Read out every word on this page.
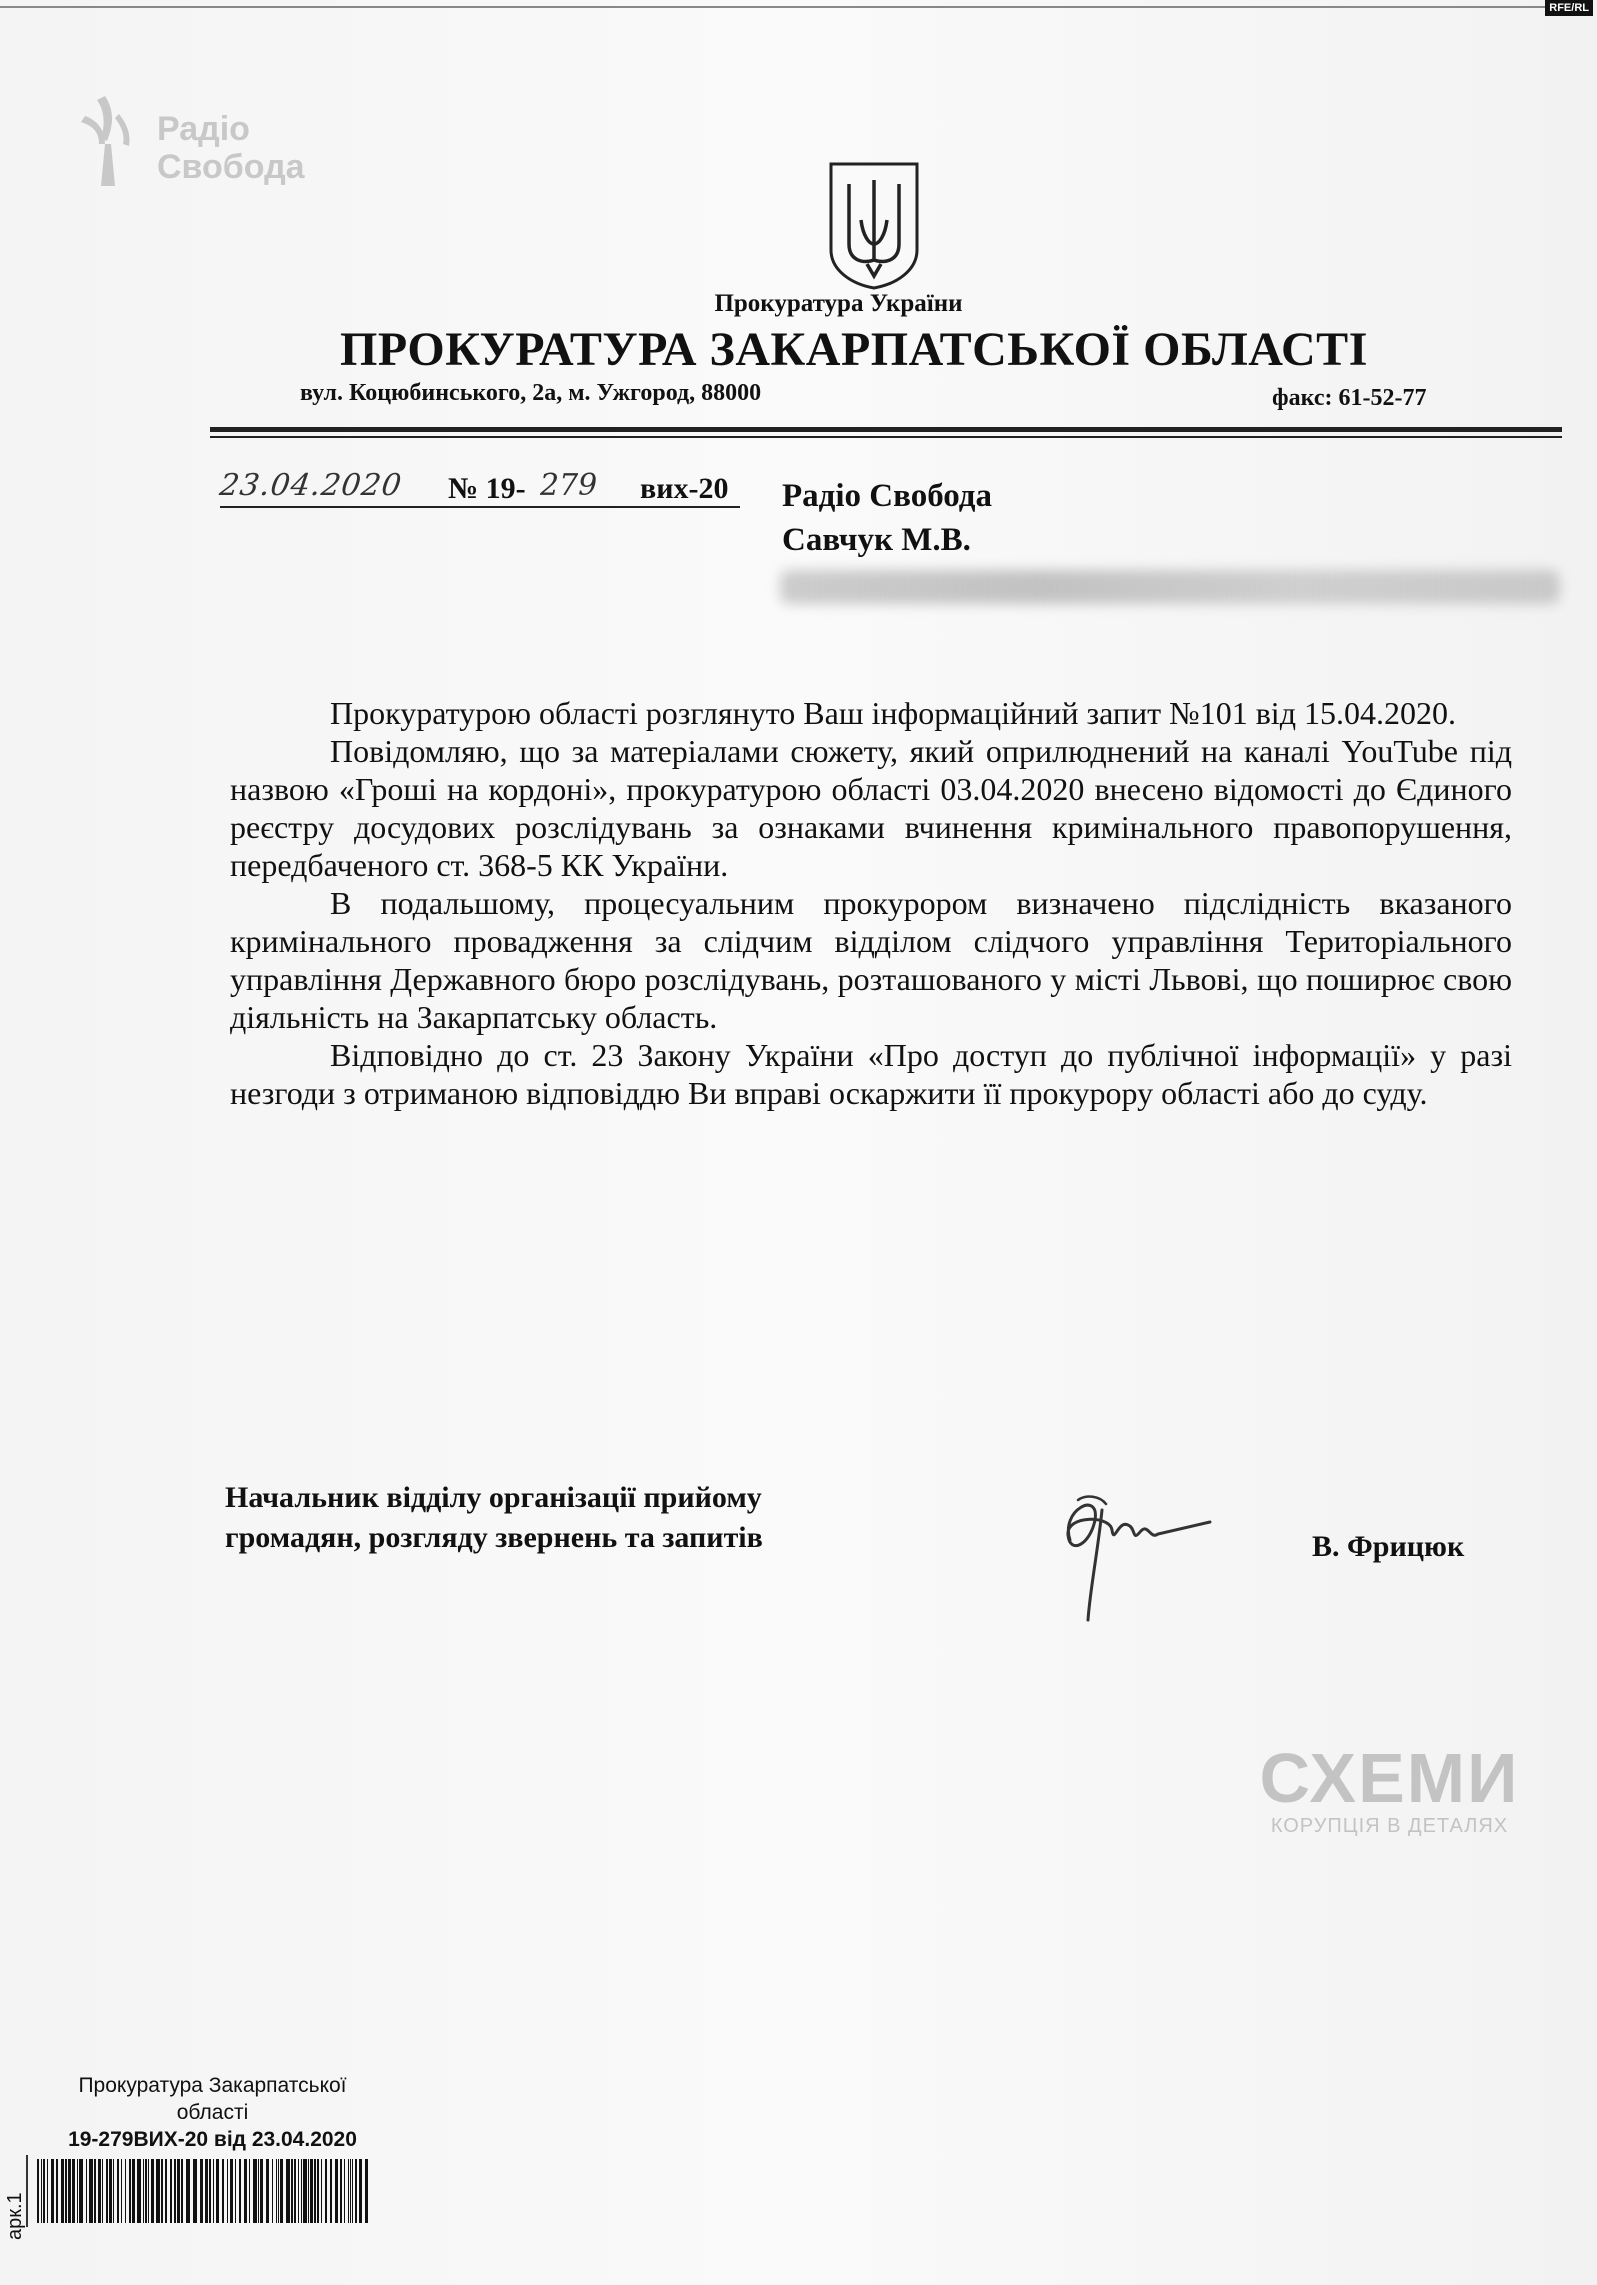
RFE/RL
Радіо
Свобода
Прокуратура України
ПРОКУРАТУРА ЗАКАРПАТСЬКОЇ ОБЛАСТІ
вул. Коцюбинського, 2а, м. Ужгород, 88000	факс: 61-52-77
23.04.2020 № 19- 279 вих-20 Радіо Свобода
Савчук М.В.

Прокуратурою області розглянуто Ваш інформаційний запит №101 від 15.04.2020.

Повідомляю, що за матеріалами сюжету, який оприлюднений на каналі YouTube під назвою «Гроші на кордоні», прокуратурою області 03.04.2020 внесено відомості до Єдиного реєстру досудових розслідувань за ознаками вчинення кримінального правопорушення, передбаченого ст. 368-5 КК України.

В подальшому, процесуальним прокурором визначено підслідність вказаного кримінального провадження за слідчим відділом слідчого управління Територіального управління Державного бюро розслідувань, розташованого у місті Львові, що поширює свою діяльність на Закарпатську область.

Відповідно до ст. 23 Закону України «Про доступ до публічної інформації» у разі незгоди з отриманою відповіддю Ви вправі оскаржити її прокурору області або до суду.

Начальник відділу організації прийому
громадян, розгляду звернень та запитів	В. Фрицюк
СХЕМИ
КОРУПЦІЯ В ДЕТАЛЯХ
Прокуратура Закарпатської
області
19-279ВИХ-20 від 23.04.2020
арк.1
